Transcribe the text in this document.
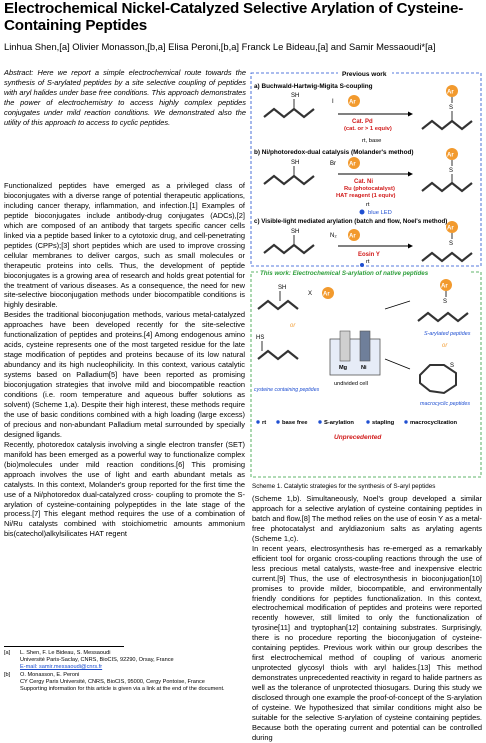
Electrochemical Nickel-Catalyzed Selective Arylation of Cysteine-Containing Peptides
Linhua Shen,[a] Olivier Monasson,[b,a] Elisa Peroni,[b,a] Franck Le Bideau,[a] and Samir Messaoudi*[a]
Abstract: Here we report a simple electrochemical route towards the synthesis of S-arylated peptides by a site selective coupling of peptides with aryl halides under base free conditions. This approach demonstrates the power of electrochemistry to access highly complex peptides conjugates under mild reaction conditions. We demonstrated also the utility of this approach to access to cyclic peptides.

Functionalized peptides have emerged as a privileged class of bioconjugates with a diverse range of potential therapeutic applications, including cancer therapy, inflammation, and infection.[1] Examples of peptide bioconjugates include antibody-drug conjugates (ADCs),[2] which are composed of an antibody that targets specific cancer cells linked via a peptide based linker to a cytotoxic drug, and cell-penetrating peptides (CPPs);[3] short peptides which are used to improve crossing cellular membranes to deliver cargos, such as small molecules or therapeutic proteins into cells. Thus, the development of peptide bioconjugates is a growing area of research and holds great potential for the treatment of various diseases. As a consequence, the need for new site-selective bioconjugation methods under biocompatible conditions is highly desirable.

Besides the traditional bioconjugation methods, various metal-catalyzed approaches have been developed recently for the site-selective functionalization of peptides and proteins.[4] Among endogenous amino acids, cysteine represents one of the most targeted residue for the late stage modification of peptides and proteins because of its low natural abundancy and its high nucleophilicity. In this context, various catalytic systems based on Palladium[5] have been reported as promising bioconjugation strategies that involve mild and biocompatible reaction conditions (i.e. room temperature and aqueous buffer solutions as solvent) (Scheme 1,a). Despite their high interest, these methods require the use of basic conditions combined with a high loading (large excess) of precious and non-abundant Palladium metal surrounded by specially designed ligands.

Recently, photoredox catalysis involving a single electron transfer (SET) manifold has been emerged as a powerful way to functionalize complex (bio)molecules under mild reaction conditions.[6] This promising approach involves the use of light and earth abundant metals as catalysts. In this context, Molander's group reported for the first time the use of a Ni/photoredox dual-catalyzed cross- coupling to promote the S-arylation of cysteine-containing polypeptides in the late stage of the process.[7] This elegant method requires the use of a combination of Ni/Ru catalysts combined with stoichiometric amounts ammonium bis(catechol)alkylsilicates HAT regent

[a]	L. Shen, F. Le Bideau, S. Messaoudi
Université Paris-Saclay, CNRS, BioCIS, 92290, Orsay, France
E-mail: samir.messaoudi@cnrs.fr
[b]	O. Monasson, E. Peroni
CY Cergy Paris Université, CNRS, BioCIS, 95000, Cergy Pontoise, France
Supporting information for this article is given via a link at the end of the document.
Previous work
a) Buchwald-Hartwig-Migita S-coupling
SH
I	Ar
Cat. Pd
(cat. or > 1 equiv)
rt, base
Ar
S
b) Ni/photoredox-dual catalysis (Molander's method)
SH	Br Ar
Cat. Ni
Ru (photocatalyst)
HAT reagent (1 equiv)
rt
blue LED
Ar
S
c) Visible-light mediated arylation (batch and flow, Noel's method)
SH
N₂ Ar
Eosin Y
rt
Ar
S
This work: Electrochemical S-arylation of native peptides
SH
X Ar
or
HS
cysteine containing peptides
Mg Ni
undivided cell
Ar
S
S-arylated peptides
or
S
macrocyclic peptides
rt	base free	S-arylation	stapling	macrocyclization
Unprecedented
Scheme 1. Catalytic strategies for the synthesis of S-aryl peptides

(Scheme 1,b). Simultaneously, Noel's group developed a similar approach for a selective arylation of cysteine containing peptides in batch and flow.[8] The method relies on the use of eosin Y as a metal-free photocatalyst and aryldiazonium salts as arylating agents (Scheme 1,c).

In recent years, electrosynthesis has re-emerged as a remarkably efficient tool for organic cross-coupling reactions through the use of less precious metal catalysts, waste-free and inexpensive electric current.[9] Thus, the use of electrosynthesis in bioconjugation[10] promises to provide milder, biocompatible, and environmentally friendly conditions for peptides functionalization. In this context, electrochemical modification of peptides and proteins were reported recently however, still limited to only the functionalization of tyrosine[11] and tryptophan[12] containing substrates. Surprisingly, there is no procedure reporting the bioconjugation of cysteine-containing peptides. Previous work within our group describes the first electrochemical method of coupling of various anomeric unprotected glycosyl thiols with aryl halides.[13] This method demonstrates unprecedented reactivity in regard to halide partners as well as the tolerance of unprotected thiosugars. During this study we disclosed through one example the proof-of-concept of the S-arylation of cysteine. We hypothesized that similar conditions might also be suitable for the selective S-arylation of cysteine containing peptides. Because both the operating current and potential can be controlled during
